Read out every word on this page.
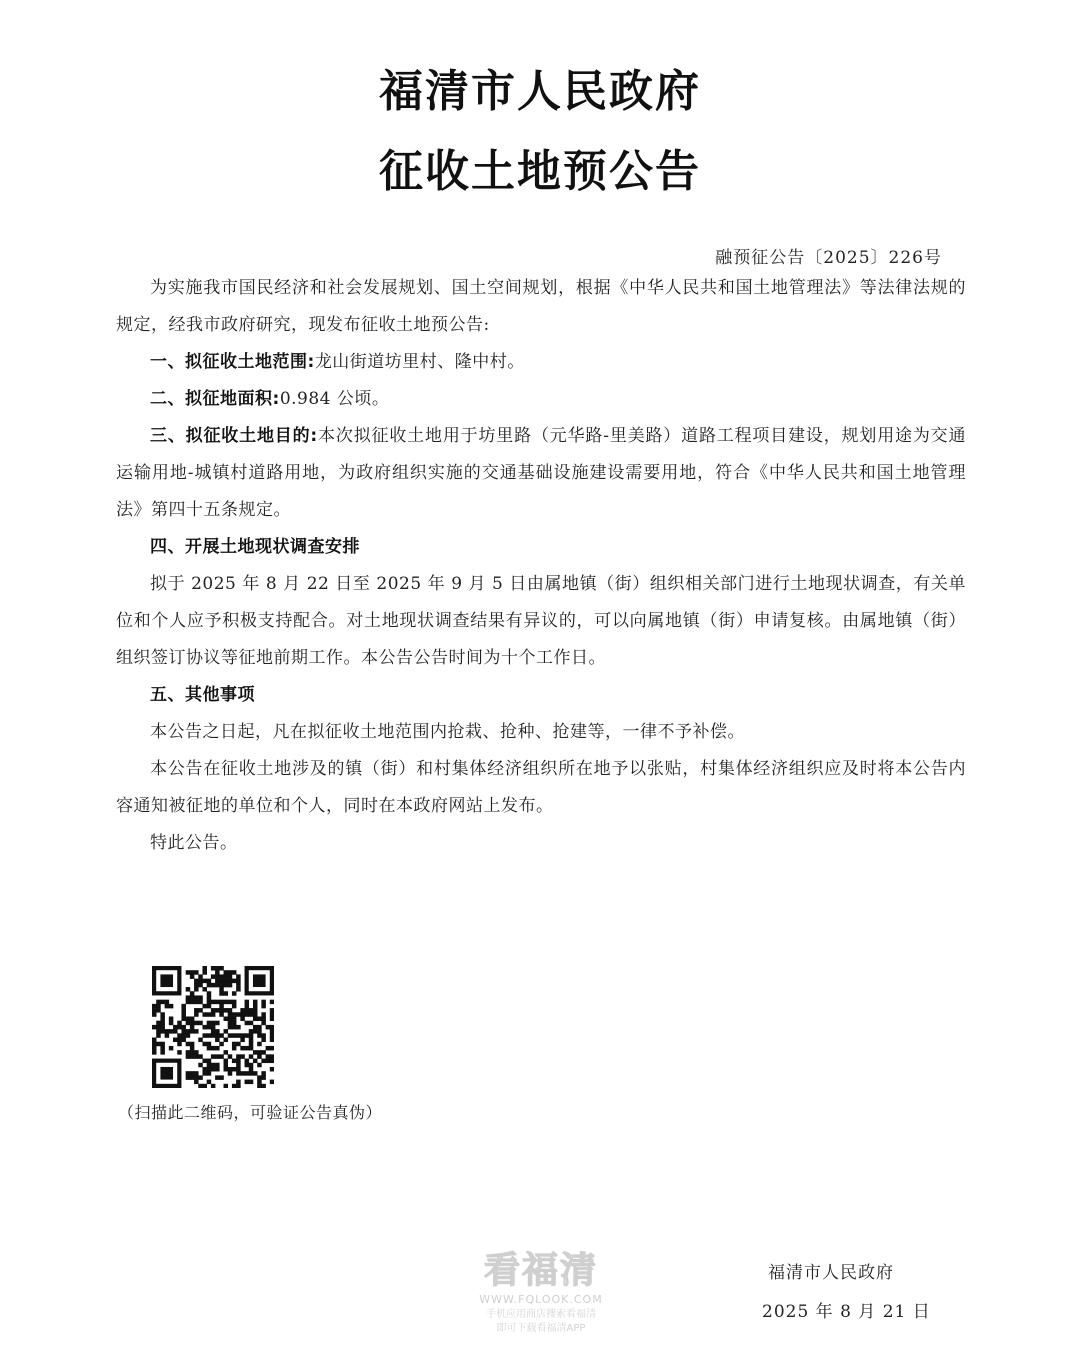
福清市人民政府
征收土地预公告
融预征公告〔2025〕226号

为实施我市国民经济和社会发展规划、国土空间规划，根据《中华人民共和国土地管理法》等法律法规的规定，经我市政府研究，现发布征收土地预公告:

一、拟征收土地范围:龙山街道坊里村、隆中村。

二、拟征地面积:0.984 公顷。

三、拟征收土地目的:本次拟征收土地用于坊里路（元华路-里美路）道路工程项目建设，规划用途为交通运输用地-城镇村道路用地，为政府组织实施的交通基础设施建设需要用地，符合《中华人民共和国土地管理法》第四十五条规定。

四、开展土地现状调查安排

拟于 2025 年 8 月 22 日至 2025 年 9 月 5 日由属地镇（街）组织相关部门进行土地现状调查，有关单位和个人应予积极支持配合。对土地现状调查结果有异议的，可以向属地镇（街）申请复核。由属地镇（街）组织签订协议等征地前期工作。本公告公告时间为十个工作日。

五、其他事项

本公告之日起，凡在拟征收土地范围内抢栽、抢种、抢建等，一律不予补偿。

本公告在征收土地涉及的镇（街）和村集体经济组织所在地予以张贴，村集体经济组织应及时将本公告内容通知被征地的单位和个人，同时在本政府网站上发布。

特此公告。

（扫描此二维码，可验证公告真伪）
看福清
WWW.FQLOOK.COM
手机应用商店搜索看福清
即可下载看福清APP
福清市人民政府
2025 年 8 月 21 日
